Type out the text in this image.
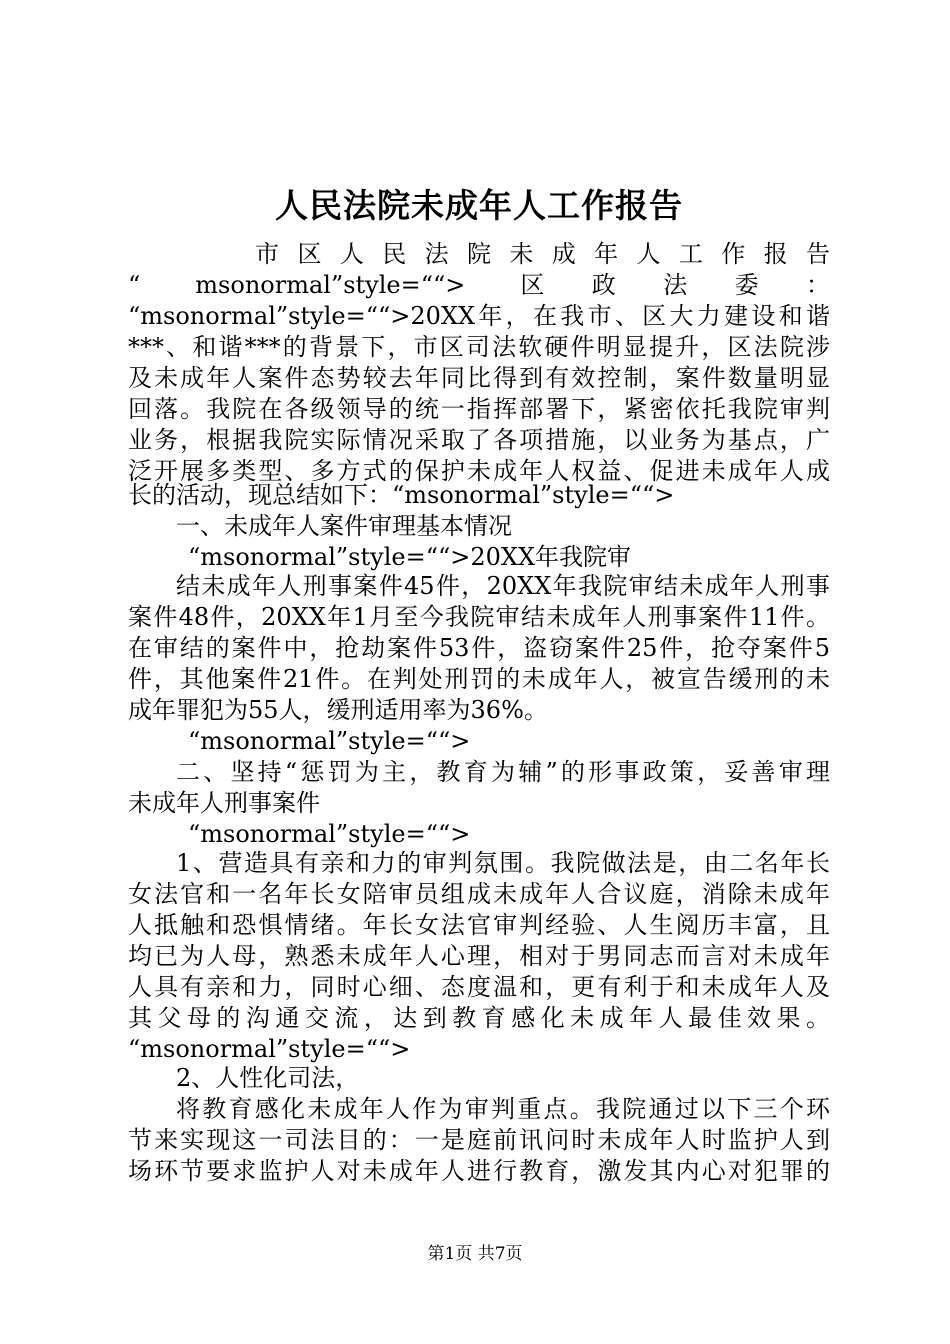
人民法院未成年人工作报告
　　　市区人民法院未成年人工作报告
“ msonormal”style=““> 区政法委：
“msonormal”style=““>20XX年，在我市、区大力建设和谐
***、和谐***的背景下，市区司法软硬件明显提升，区法院涉
及未成年人案件态势较去年同比得到有效控制，案件数量明显
回落。我院在各级领导的统一指挥部署下，紧密依托我院审判
业务，根据我院实际情况采取了各项措施，以业务为基点，广
泛开展多类型、多方式的保护未成年人权益、促进未成年人成
长的活动，现总结如下：“msonormal”style=““>
一、未成年人案件审理基本情况
“msonormal”style=““>20XX年我院审
结未成年人刑事案件45件，20XX年我院审结未成年人刑事
案件48件，20XX年1月至今我院审结未成年人刑事案件11件。
在审结的案件中，抢劫案件53件，盗窃案件25件，抢夺案件5
件，其他案件21件。在判处刑罚的未成年人，被宣告缓刑的未
成年罪犯为55人，缓刑适用率为36%。
“msonormal”style=““>
二、坚持“惩罚为主，教育为辅”的形事政策，妥善审理
未成年人刑事案件
“msonormal”style=““>
1、营造具有亲和力的审判氛围。我院做法是，由二名年长
女法官和一名年长女陪审员组成未成年人合议庭，消除未成年
人抵触和恐惧情绪。年长女法官审判经验、人生阅历丰富，且
均已为人母，熟悉未成年人心理，相对于男同志而言对未成年
人具有亲和力，同时心细、态度温和，更有利于和未成年人及
其父母的沟通交流，达到教育感化未成年人最佳效果。
“msonormal”style=““>
2、人性化司法，
将教育感化未成年人作为审判重点。我院通过以下三个环
节来实现这一司法目的：一是庭前讯问时未成年人时监护人到
场环节要求监护人对未成年人进行教育，激发其内心对犯罪的
第1页 共7页
